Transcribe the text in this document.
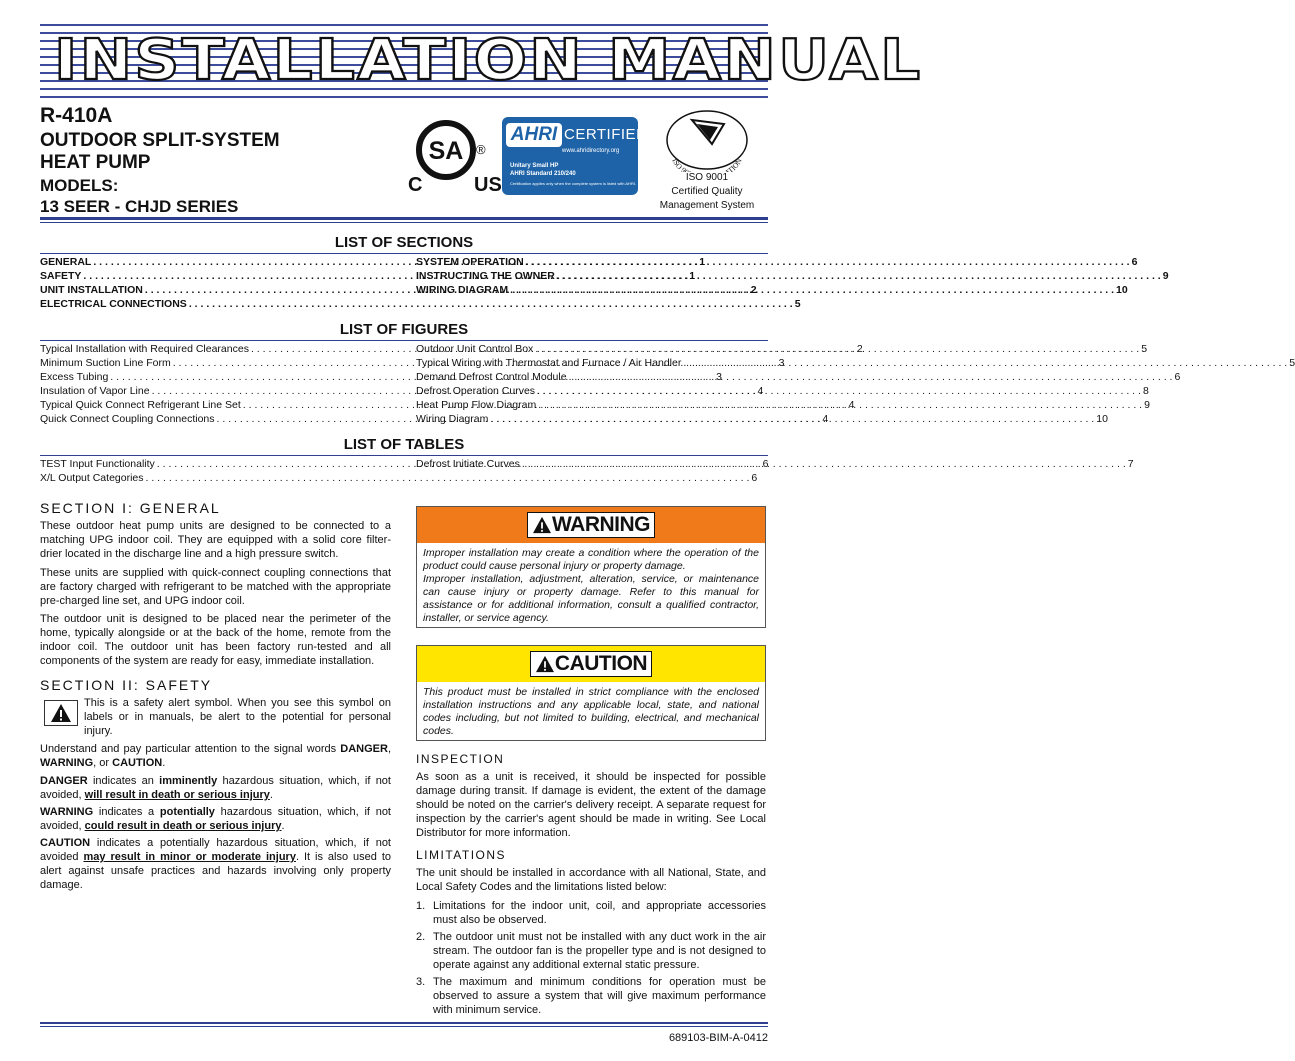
INSTALLATION MANUAL
R-410A
OUTDOOR SPLIT-SYSTEM
HEAT PUMP
MODELS:
13 SEER - CHJD SERIES
SA ®
C	US
AHRI CERTIFIED
www.ahridirectory.org
Unitary Small HP
AHRI Standard 210/240
Certification applies only when the complete system is listed with AHRI.
ISO 9 TION
ISO 9001
Certified Quality
Management System
LIST OF SECTIONS
GENERAL . . .	1
SAFETY . . .	1
UNIT INSTALLATION . . .	2
ELECTRICAL CONNECTIONS . . .	5
SYSTEM OPERATION . . .	6
INSTRUCTING THE OWNER . . .	9
WIRING DIAGRAM . . .	10
LIST OF FIGURES
Typical Installation with Required Clearances . . .	2
Minimum Suction Line Form . . .	3
Excess Tubing . . .	3
Insulation of Vapor Line . . .	4
Typical Quick Connect Refrigerant Line Set . . .	4
Quick Connect Coupling Connections . . .	4
Outdoor Unit Control Box . . .	5
Typical Wiring with Thermostat and Furnace / Air Handler . . .	5
Demand Defrost Control Module . . .	6
Defrost Operation Curves . . .	8
Heat Pump Flow Diagram . . .	9
Wiring Diagram . . .	10
LIST OF TABLES
TEST Input Functionality . . .	6
X/L Output Categories . . .	6
Defrost Initiate Curves . . .	7
SECTION I: GENERAL
These outdoor heat pump units are designed to be connected to a matching UPG indoor coil. They are equipped with a solid core filter-drier located in the discharge line and a high pressure switch.
These units are supplied with quick-connect coupling connections that are factory charged with refrigerant to be matched with the appropriate pre-charged line set, and UPG indoor coil.
The outdoor unit is designed to be placed near the perimeter of the home, typically alongside or at the back of the home, remote from the indoor coil. The outdoor unit has been factory run-tested and all components of the system are ready for easy, immediate installation.
SECTION II: SAFETY
This is a safety alert symbol. When you see this symbol on labels or in manuals, be alert to the potential for personal injury.
Understand and pay particular attention to the signal words DANGER, WARNING, or CAUTION.
DANGER indicates an imminently hazardous situation, which, if not avoided, will result in death or serious injury.
WARNING indicates a potentially hazardous situation, which, if not avoided, could result in death or serious injury.
CAUTION indicates a potentially hazardous situation, which, if not avoided may result in minor or moderate injury. It is also used to alert against unsafe practices and hazards involving only property damage.
WARNING
Improper installation may create a condition where the operation of the product could cause personal injury or property damage.
Improper installation, adjustment, alteration, service, or maintenance can cause injury or property damage. Refer to this manual for assistance or for additional information, consult a qualified contractor, installer, or service agency.
CAUTION
This product must be installed in strict compliance with the enclosed installation instructions and any applicable local, state, and national codes including, but not limited to building, electrical, and mechanical codes.
INSPECTION
As soon as a unit is received, it should be inspected for possible damage during transit. If damage is evident, the extent of the damage should be noted on the carrier's delivery receipt. A separate request for inspection by the carrier's agent should be made in writing. See Local Distributor for more information.
LIMITATIONS
The unit should be installed in accordance with all National, State, and Local Safety Codes and the limitations listed below:
1. Limitations for the indoor unit, coil, and appropriate accessories must also be observed.
2. The outdoor unit must not be installed with any duct work in the air stream. The outdoor fan is the propeller type and is not designed to operate against any additional external static pressure.
3. The maximum and minimum conditions for operation must be observed to assure a system that will give maximum performance with minimum service.
689103-BIM-A-0412
